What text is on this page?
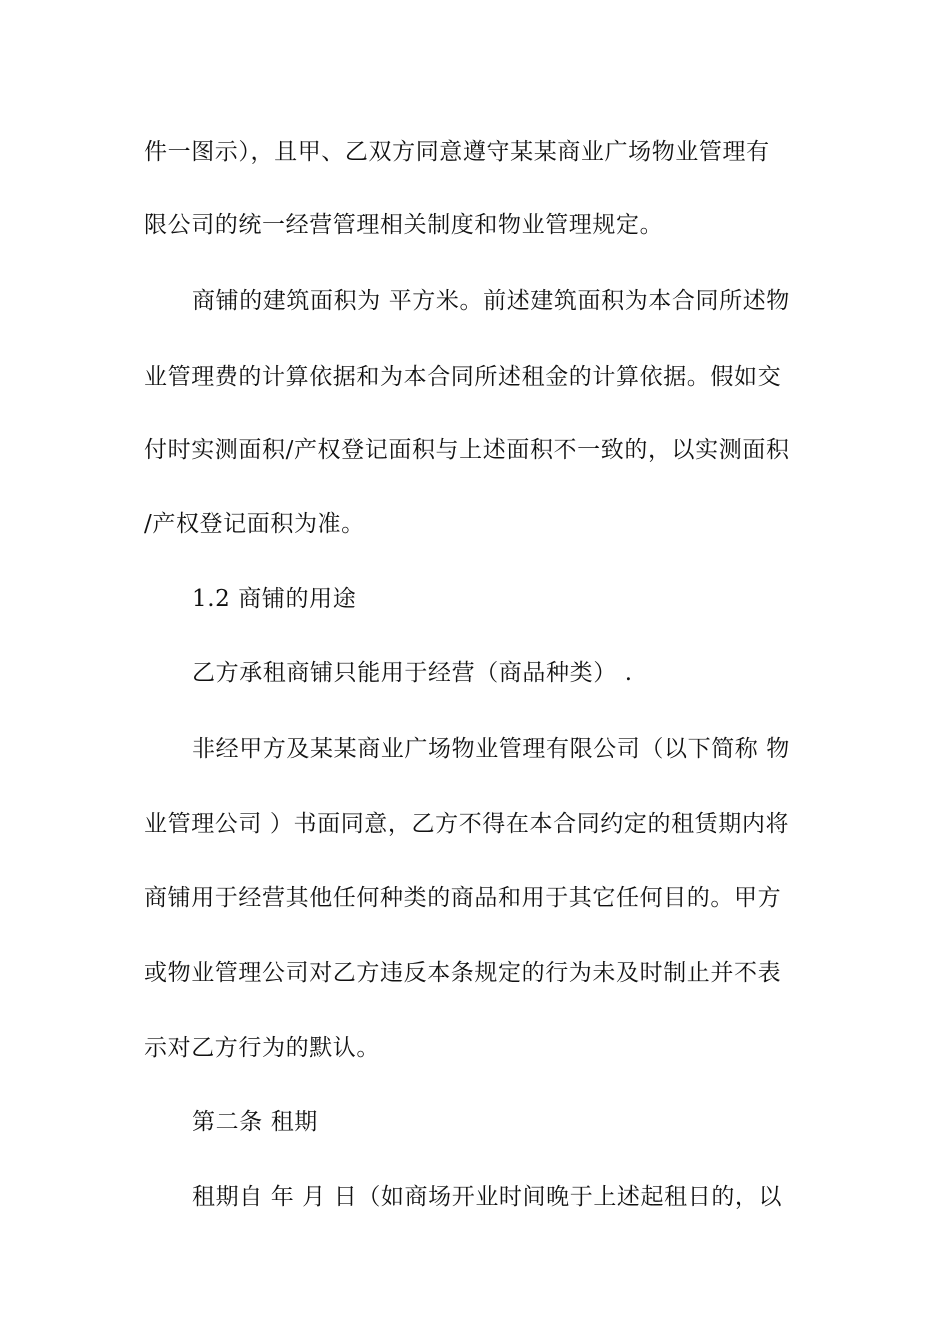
件一图示），且甲、乙双方同意遵守某某商业广场物业管理有
限公司的统一经营管理相关制度和物业管理规定。
商铺的建筑面积为 平方米。前述建筑面积为本合同所述物
业管理费的计算依据和为本合同所述租金的计算依据。假如交
付时实测面积/产权登记面积与上述面积不一致的，以实测面积
/产权登记面积为准。
1.2 商铺的用途
乙方承租商铺只能用于经营（商品种类） .
非经甲方及某某商业广场物业管理有限公司（以下简称 物
业管理公司 ）书面同意，乙方不得在本合同约定的租赁期内将
商铺用于经营其他任何种类的商品和用于其它任何目的。甲方
或物业管理公司对乙方违反本条规定的行为未及时制止并不表
示对乙方行为的默认。
第二条 租期
租期自 年 月 日（如商场开业时间晚于上述起租日的，以
